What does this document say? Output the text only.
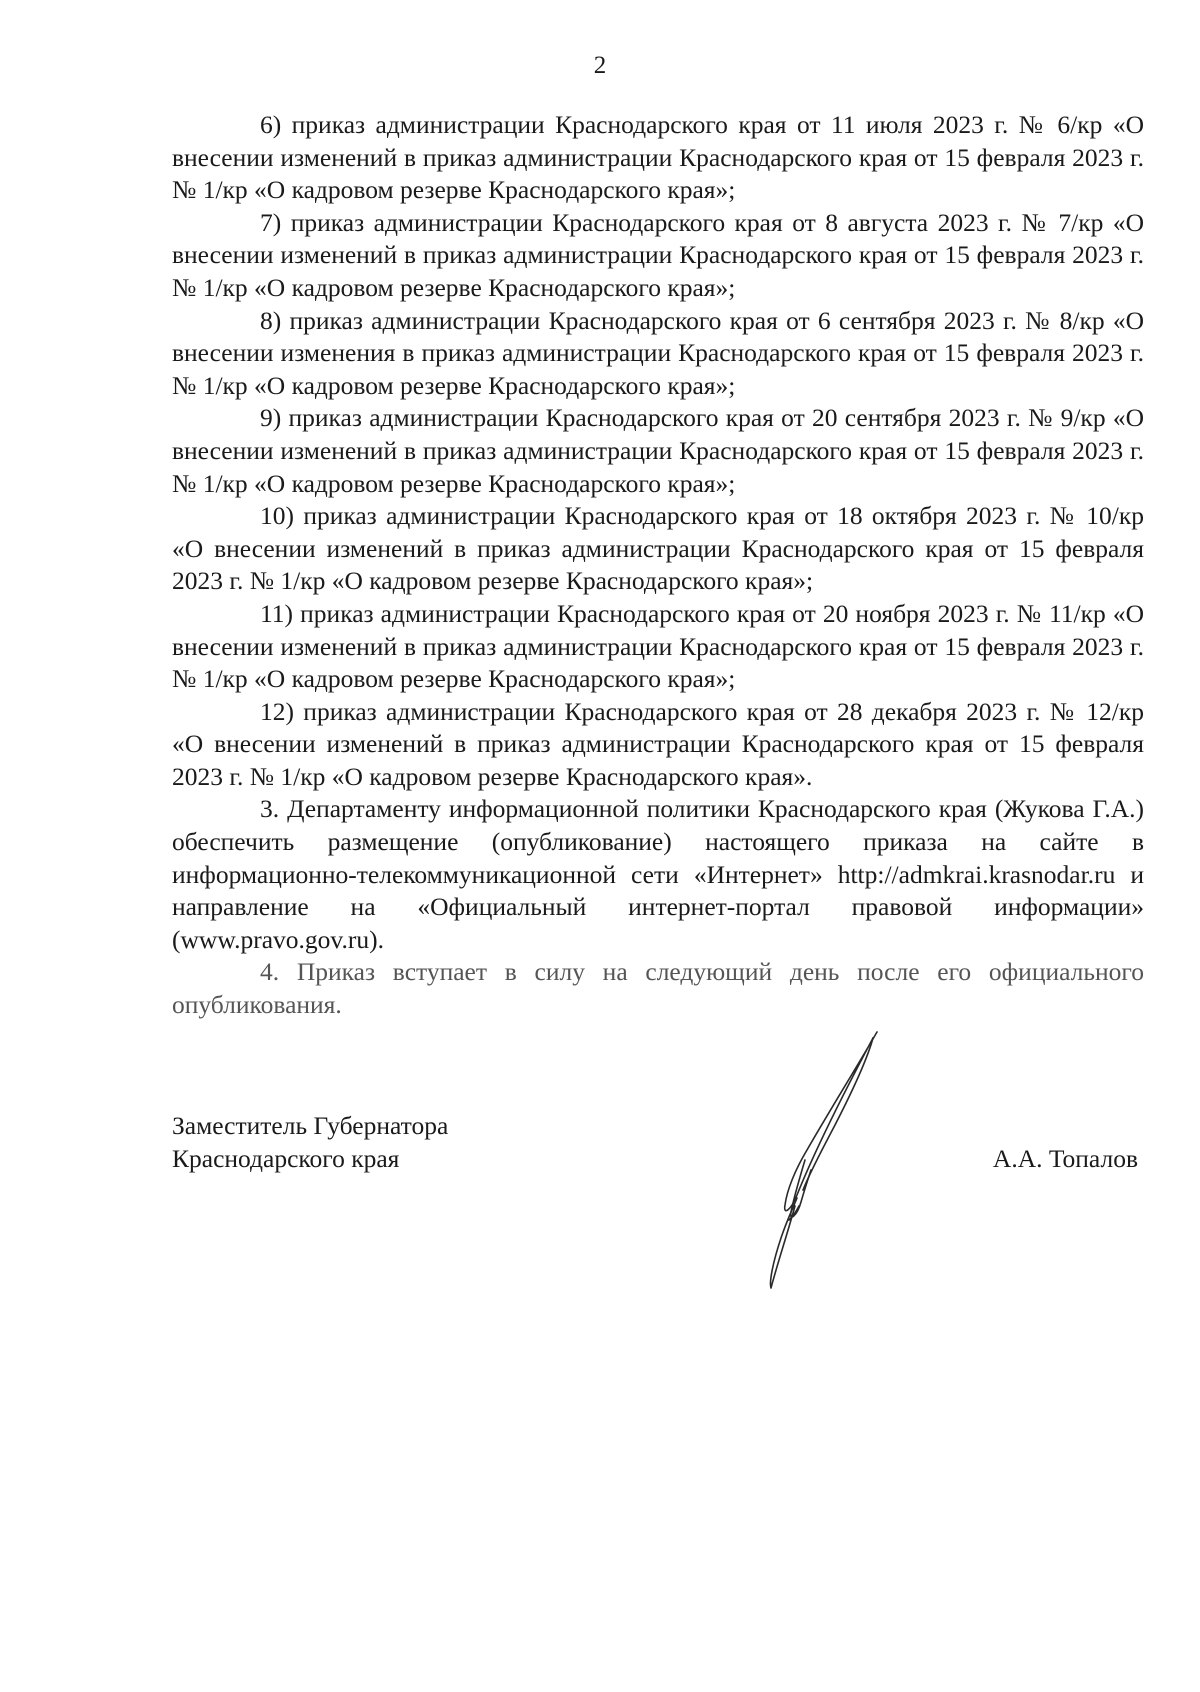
2

6) приказ администрации Краснодарского края от 11 июля 2023 г. № 6/кр «О внесении изменений в приказ администрации Краснодарского края от 15 февраля 2023 г. № 1/кр «О кадровом резерве Краснодарского края»;

7) приказ администрации Краснодарского края от 8 августа 2023 г. № 7/кр «О внесении изменений в приказ администрации Краснодарского края от 15 февраля 2023 г. № 1/кр «О кадровом резерве Краснодарского края»;

8) приказ администрации Краснодарского края от 6 сентября 2023 г. № 8/кр «О внесении изменения в приказ администрации Краснодарского края от 15 февраля 2023 г. № 1/кр «О кадровом резерве Краснодарского края»;

9) приказ администрации Краснодарского края от 20 сентября 2023 г. № 9/кр «О внесении изменений в приказ администрации Краснодарского края от 15 февраля 2023 г. № 1/кр «О кадровом резерве Краснодарского края»;

10) приказ администрации Краснодарского края от 18 октября 2023 г. № 10/кр «О внесении изменений в приказ администрации Краснодарского края от 15 февраля 2023 г. № 1/кр «О кадровом резерве Краснодарского края»;

11) приказ администрации Краснодарского края от 20 ноября 2023 г. № 11/кр «О внесении изменений в приказ администрации Краснодарского края от 15 февраля 2023 г. № 1/кр «О кадровом резерве Краснодарского края»;

12) приказ администрации Краснодарского края от 28 декабря 2023 г. № 12/кр «О внесении изменений в приказ администрации Краснодарского края от 15 февраля 2023 г. № 1/кр «О кадровом резерве Краснодарского края».

3. Департаменту информационной политики Краснодарского края (Жукова Г.А.) обеспечить размещение (опубликование) настоящего приказа на сайте в информационно-телекоммуникационной сети «Интернет» http://admkrai.krasnodar.ru и направление на «Официальный интернет-портал правовой информации» (www.pravo.gov.ru).

4. Приказ вступает в силу на следующий день после его официального опубликования.

Заместитель Губернатора
Краснодарского края	А.А. Топалов
